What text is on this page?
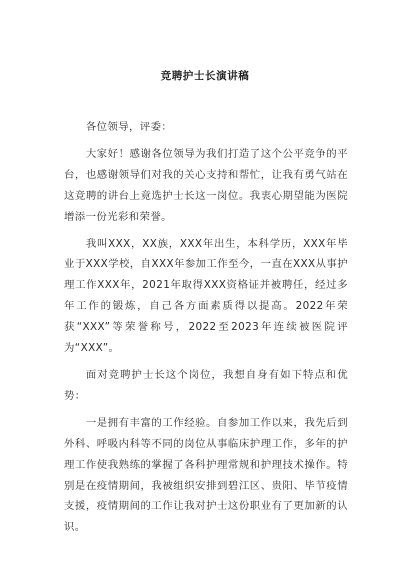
竞聘护士长演讲稿

各位领导，评委：

大家好！感谢各位领导为我们打造了这个公平竞争的平台，也感谢领导们对我的关心支持和帮忙，让我有勇气站在这竞聘的讲台上竟选护士长这一岗位。我衷心期望能为医院增添一份光彩和荣誉。

我叫XXX，XX族，XXX年出生，本科学历，XXX年毕业于XXX学校，自XXX年参加工作至今，一直在XXX从事护理工作XXX年，2021年取得XXX资格证并被聘任，经过多年工作的锻炼，自己各方面素质得以提高。2022年荣获“XXX”等荣誉称号，2022至2023年连续被医院评为“XXX”。

面对竞聘护士长这个岗位，我想自身有如下特点和优势：

一是拥有丰富的工作经验。自参加工作以来，我先后到外科、呼吸内科等不同的岗位从事临床护理工作，多年的护理工作使我熟练的掌握了各科护理常规和护理技术操作。特别是在疫情期间，我被组织安排到碧江区、贵阳、毕节疫情支援，疫情期间的工作让我对护士这份职业有了更加新的认识。
